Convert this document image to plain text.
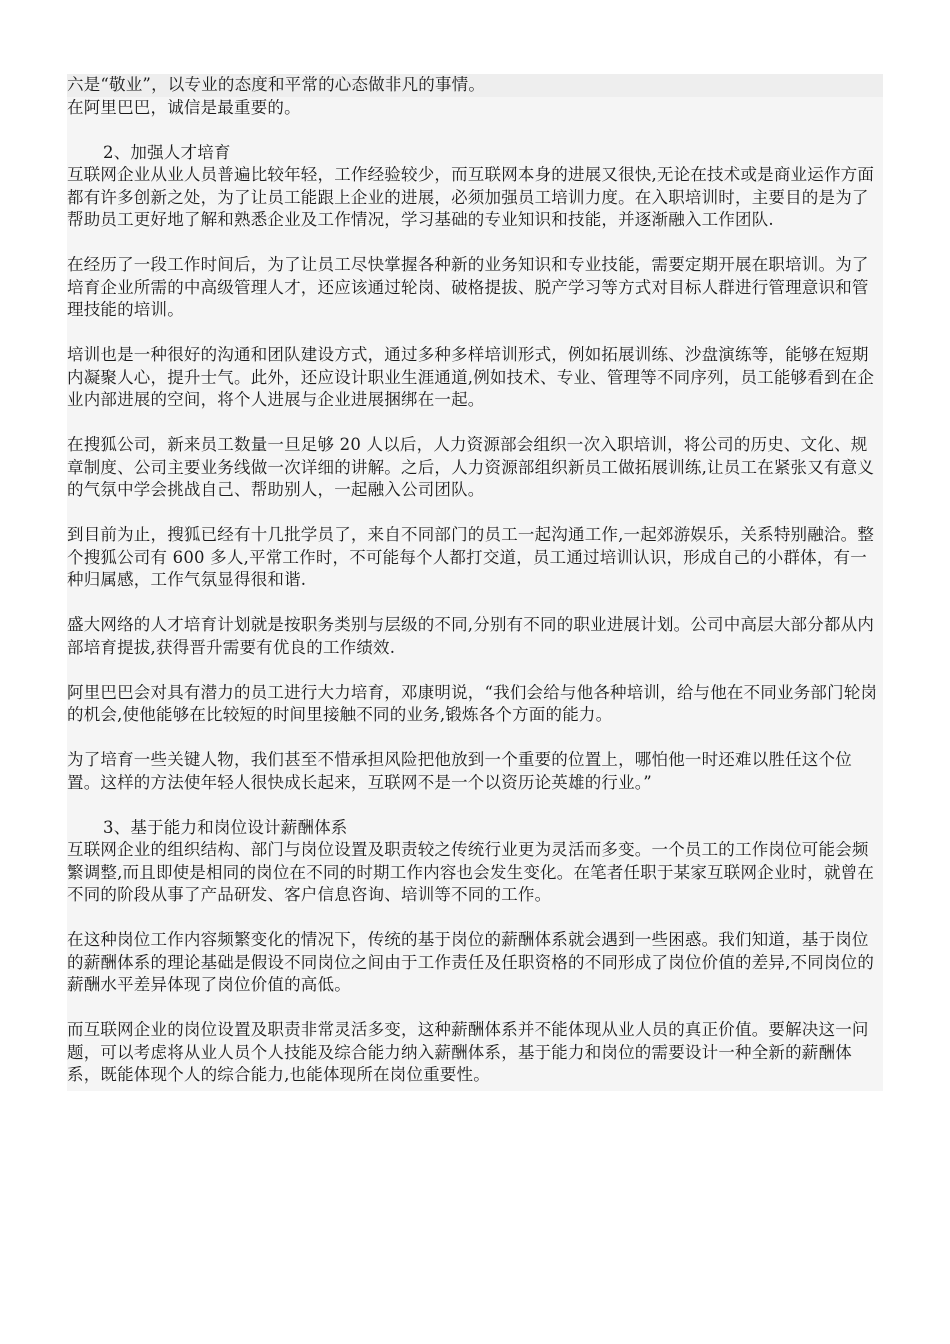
六是“敬业”，以专业的态度和平常的心态做非凡的事情。
在阿里巴巴，诚信是最重要的。
2、加强人才培育

互联网企业从业人员普遍比较年轻，工作经验较少，而互联网本身的进展又很快,无论在技术或是商业运作方面都有许多创新之处，为了让员工能跟上企业的进展，必须加强员工培训力度。在入职培训时，主要目的是为了帮助员工更好地了解和熟悉企业及工作情况，学习基础的专业知识和技能，并逐渐融入工作团队.

在经历了一段工作时间后，为了让员工尽快掌握各种新的业务知识和专业技能，需要定期开展在职培训。为了培育企业所需的中高级管理人才，还应该通过轮岗、破格提拔、脱产学习等方式对目标人群进行管理意识和管理技能的培训。

培训也是一种很好的沟通和团队建设方式，通过多种多样培训形式，例如拓展训练、沙盘演练等，能够在短期内凝聚人心，提升士气。此外，还应设计职业生涯通道,例如技术、专业、管理等不同序列，员工能够看到在企业内部进展的空间，将个人进展与企业进展捆绑在一起。

在搜狐公司，新来员工数量一旦足够 20 人以后，人力资源部会组织一次入职培训，将公司的历史、文化、规章制度、公司主要业务线做一次详细的讲解。之后，人力资源部组织新员工做拓展训练,让员工在紧张又有意义的气氛中学会挑战自己、帮助别人，一起融入公司团队。

到目前为止，搜狐已经有十几批学员了，来自不同部门的员工一起沟通工作,一起郊游娱乐，关系特别融洽。整个搜狐公司有 600 多人,平常工作时，不可能每个人都打交道，员工通过培训认识，形成自己的小群体，有一种归属感，工作气氛显得很和谐.

盛大网络的人才培育计划就是按职务类别与层级的不同,分别有不同的职业进展计划。公司中高层大部分都从内部培育提拔,获得晋升需要有优良的工作绩效.

阿里巴巴会对具有潜力的员工进行大力培育，邓康明说，“我们会给与他各种培训，给与他在不同业务部门轮岗的机会,使他能够在比较短的时间里接触不同的业务,锻炼各个方面的能力。

为了培育一些关键人物，我们甚至不惜承担风险把他放到一个重要的位置上，哪怕他一时还难以胜任这个位置。这样的方法使年轻人很快成长起来，互联网不是一个以资历论英雄的行业。”

3、基于能力和岗位设计薪酬体系

互联网企业的组织结构、部门与岗位设置及职责较之传统行业更为灵活而多变。一个员工的工作岗位可能会频繁调整,而且即使是相同的岗位在不同的时期工作内容也会发生变化。在笔者任职于某家互联网企业时，就曾在不同的阶段从事了产品研发、客户信息咨询、培训等不同的工作。

在这种岗位工作内容频繁变化的情况下，传统的基于岗位的薪酬体系就会遇到一些困惑。我们知道，基于岗位的薪酬体系的理论基础是假设不同岗位之间由于工作责任及任职资格的不同形成了岗位价值的差异,不同岗位的薪酬水平差异体现了岗位价值的高低。

而互联网企业的岗位设置及职责非常灵活多变，这种薪酬体系并不能体现从业人员的真正价值。要解决这一问题，可以考虑将从业人员个人技能及综合能力纳入薪酬体系，基于能力和岗位的需要设计一种全新的薪酬体系，既能体现个人的综合能力,也能体现所在岗位重要性。
